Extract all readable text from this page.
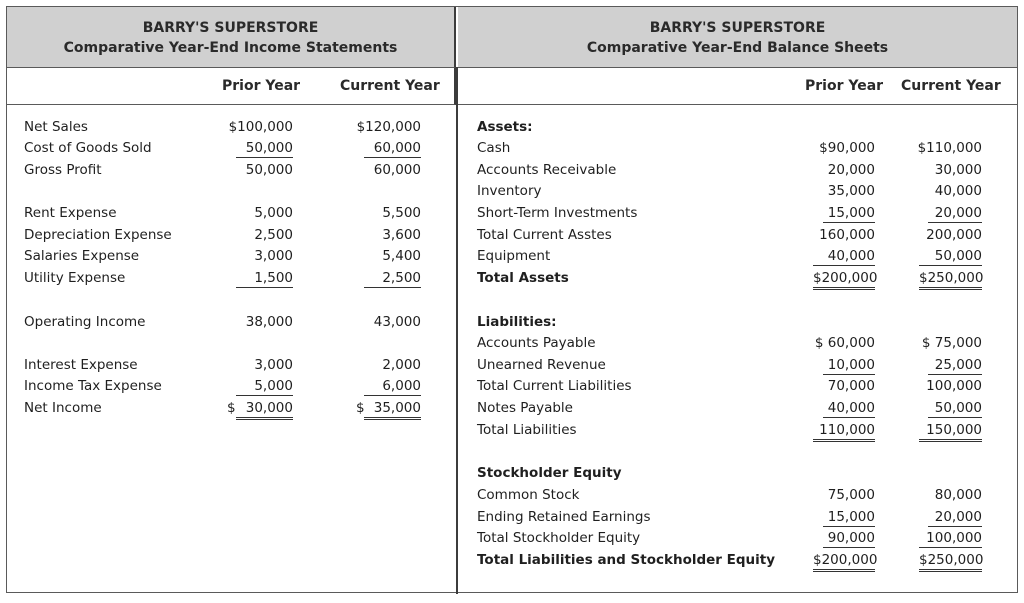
BARRY'S SUPERSTORE
Comparative Year-End Income Statements
BARRY'S SUPERSTORE
Comparative Year-End Balance Sheets
Prior Year	Current Year	Prior Year Current Year
Net Sales
Cost of Goods Sold
Gross Profit
Rent Expense
Depreciation Expense
Salaries Expense
Utility Expense
Operating Income
Interest Expense
Income Tax Expense
Net Income
$100,000
50,000
50,000
5,000
2,500
3,000
1,500
38,000
3,000
5,000
$ 30,000
$120,000
60,000
60,000
5,500
3,600
5,400
2,500
43,000
2,000
6,000
$ 35,000
Assets:
Cash
Accounts Receivable
Inventory
Short-Term Investments
Total Current Asstes
Equipment
Total Assets
$90,000
20,000
35,000
15,000
160,000
40,000
$200,000
$110,000
30,000
40,000
20,000
200,000
50,000
$250,000
Liabilities:
Accounts Payable
Unearned Revenue
Total Current Liabilities
Notes Payable
Total Liabilities
$ 60,000
10,000
70,000
40,000
110,000
$ 75,000
25,000
100,000
50,000
150,000
Stockholder Equity
Common Stock
Ending Retained Earnings
Total Stockholder Equity
Total Liabilities and Stockholder Equity
75,000
15,000
90,000
$200,000
80,000
20,000
100,000
$250,000
